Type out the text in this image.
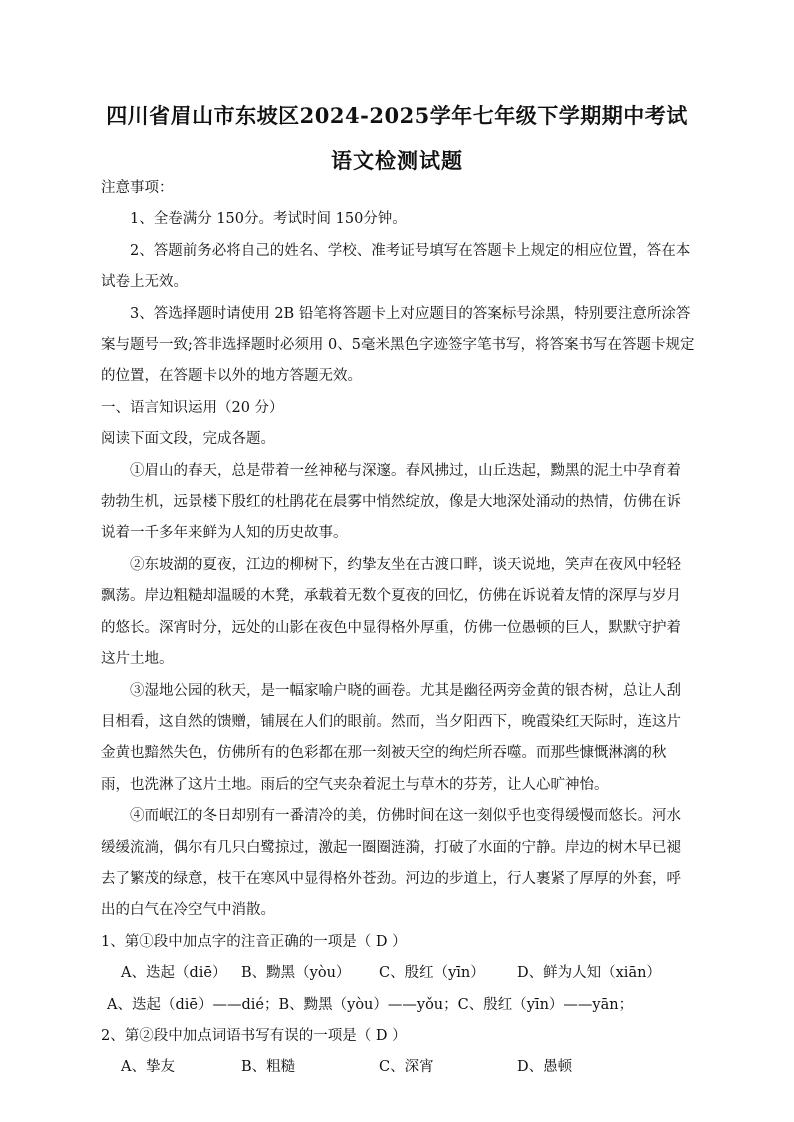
四川省眉山市东坡区2024-2025学年七年级下学期期中考试
语文检测试题

注意事项：

1、全卷满分 150分。考试时间 150分钟。

2、答题前务必将自己的姓名、学校、准考证号填写在答题卡上规定的相应位置，答在本试卷上无效。

3、答选择题时请使用 2B 铅笔将答题卡上对应题目的答案标号涂黑，特别要注意所涂答案与题号一致;答非选择题时必须用 0、5毫米黑色字迹签字笔书写，将答案书写在答题卡规定的位置，在答题卡以外的地方答题无效。

一、语言知识运用（20 分）

阅读下面文段，完成各题。

①眉山的春天，总是带着一丝神秘与深邃。春风拂过，山丘迭起，黝黑的泥土中孕育着勃勃生机，远景楼下殷红的杜鹃花在晨雾中悄然绽放，像是大地深处涌动的热情，仿佛在诉说着一千多年来鲜为人知的历史故事。

②东坡湖的夏夜，江边的柳树下，约挚友坐在古渡口畔，谈天说地，笑声在夜风中轻轻飘荡。岸边粗糙却温暖的木凳，承载着无数个夏夜的回忆，仿佛在诉说着友情的深厚与岁月的悠长。深宵时分，远处的山影在夜色中显得格外厚重，仿佛一位愚顿的巨人，默默守护着这片土地。

③湿地公园的秋天，是一幅家喻户晓的画卷。尤其是幽径两旁金黄的银杏树，总让人刮目相看，这自然的馈赠，铺展在人们的眼前。然而，当夕阳西下，晚霞染红天际时，连这片金黄也黯然失色，仿佛所有的色彩都在那一刻被天空的绚烂所吞噬。而那些慷慨淋漓的秋雨，也洗淋了这片土地。雨后的空气夹杂着泥土与草木的芬芳，让人心旷神怡。

④而岷江的冬日却别有一番清冷的美，仿佛时间在这一刻似乎也变得缓慢而悠长。河水缓缓流淌，偶尔有几只白鹭掠过，激起一圈圈涟漪，打破了水面的宁静。岸边的树木早已褪去了繁茂的绿意，枝干在寒风中显得格外苍劲。河边的步道上，行人裹紧了厚厚的外套，呼出的白气在冷空气中消散。

1、第①段中加点字的注音正确的一项是（ D ）

A、迭起（diē）	B、黝黑（yòu）	C、殷红（yīn）	D、鲜为人知（xiān）

A、迭起（diē）——dié；B、黝黑（yòu）——yǒu；C、殷红（yīn）——yān；

2、第②段中加点词语书写有误的一项是（ D ）

A、挚友	B、粗糙	C、深宵	D、愚顿
